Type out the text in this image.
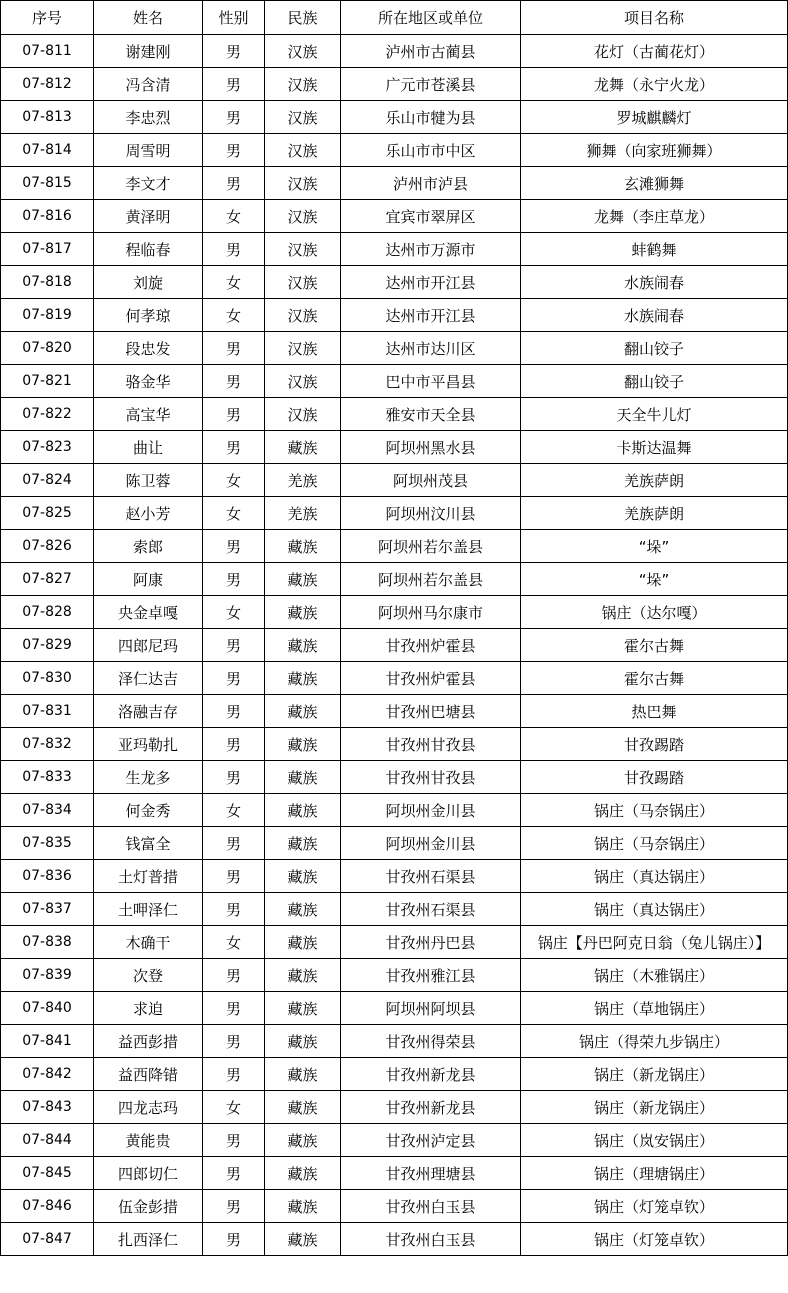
序号	姓名	性别	民族	所在地区或单位	项目名称
07-811	谢建刚	男	汉族	泸州市古蔺县	花灯（古蔺花灯）
07-812	冯含清	男	汉族	广元市苍溪县	龙舞（永宁火龙）
07-813	李忠烈	男	汉族	乐山市犍为县	罗城麒麟灯
07-814	周雪明	男	汉族	乐山市市中区	狮舞（向家班狮舞）
07-815	李文才	男	汉族	泸州市泸县	玄滩狮舞
07-816	黄泽明	女	汉族	宜宾市翠屏区	龙舞（李庄草龙）
07-817	程临春	男	汉族	达州市万源市	蚌鹤舞
07-818	刘旋	女	汉族	达州市开江县	水族闹春
07-819	何孝琼	女	汉族	达州市开江县	水族闹春
07-820	段忠发	男	汉族	达州市达川区	翻山铰子
07-821	骆金华	男	汉族	巴中市平昌县	翻山铰子
07-822	高宝华	男	汉族	雅安市天全县	天全牛儿灯
07-823	曲让	男	藏族	阿坝州黑水县	卡斯达温舞
07-824	陈卫蓉	女	羌族	阿坝州茂县	羌族萨朗
07-825	赵小芳	女	羌族	阿坝州汶川县	羌族萨朗
07-826	索郎	男	藏族	阿坝州若尔盖县	“垛”
07-827	阿康	男	藏族	阿坝州若尔盖县	“垛”
07-828	央金卓嘎	女	藏族	阿坝州马尔康市	锅庄（达尔嘎）
07-829	四郎尼玛	男	藏族	甘孜州炉霍县	霍尔古舞
07-830	泽仁达吉	男	藏族	甘孜州炉霍县	霍尔古舞
07-831	洛融吉存	男	藏族	甘孜州巴塘县	热巴舞
07-832	亚玛勒扎	男	藏族	甘孜州甘孜县	甘孜踢踏
07-833	生龙多	男	藏族	甘孜州甘孜县	甘孜踢踏
07-834	何金秀	女	藏族	阿坝州金川县	锅庄（马奈锅庄）
07-835	钱富全	男	藏族	阿坝州金川县	锅庄（马奈锅庄）
07-836	土灯普措	男	藏族	甘孜州石渠县	锅庄（真达锅庄）
07-837	土呷泽仁	男	藏族	甘孜州石渠县	锅庄（真达锅庄）
07-838	木确干	女	藏族	甘孜州丹巴县	锅庄【丹巴阿克日翁（兔儿锅庄）】
07-839	次登	男	藏族	甘孜州雅江县	锅庄（木雅锅庄）
07-840	求迫	男	藏族	阿坝州阿坝县	锅庄（草地锅庄）
07-841	益西彭措	男	藏族	甘孜州得荣县	锅庄（得荣九步锅庄）
07-842	益西降错	男	藏族	甘孜州新龙县	锅庄（新龙锅庄）
07-843	四龙志玛	女	藏族	甘孜州新龙县	锅庄（新龙锅庄）
07-844	黄能贵	男	藏族	甘孜州泸定县	锅庄（岚安锅庄）
07-845	四郎切仁	男	藏族	甘孜州理塘县	锅庄（理塘锅庄）
07-846	伍金彭措	男	藏族	甘孜州白玉县	锅庄（灯笼卓钦）
07-847	扎西泽仁	男	藏族	甘孜州白玉县	锅庄（灯笼卓钦）
